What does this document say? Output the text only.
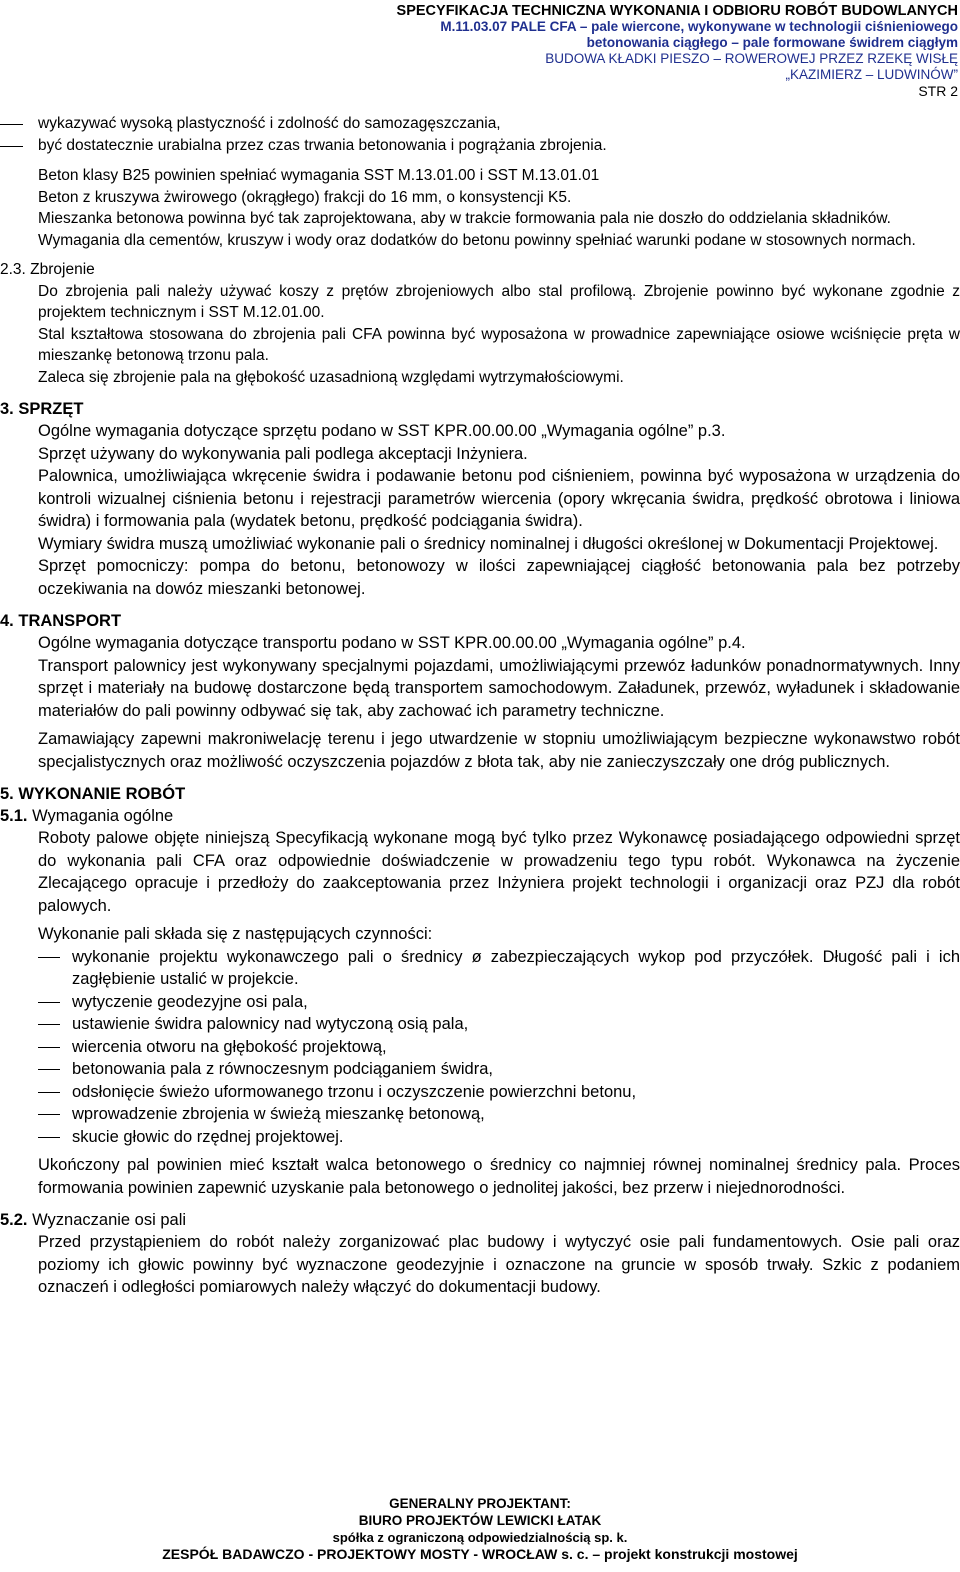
SPECYFIKACJA TECHNICZNA WYKONANIA I ODBIORU ROBÓT BUDOWLANYCH
M.11.03.07 PALE CFA – pale wiercone, wykonywane w technologii ciśnieniowego
betonowania ciągłego – pale formowane świdrem ciągłym
BUDOWA KŁADKI PIESZO – ROWEROWEJ PRZEZ RZEKĘ WISŁĘ
„KAZIMIERZ – LUDWINÓW”
STR 2

wykazywać wysoką plastyczność i zdolność do samozagęszczania,

być dostatecznie urabialna przez czas trwania betonowania i pogrążania zbrojenia.

Beton klasy B25 powinien spełniać wymagania SST M.13.01.00 i SST M.13.01.01

Beton z kruszywa żwirowego (okrągłego) frakcji do 16 mm, o konsystencji K5.

Mieszanka betonowa powinna być tak zaprojektowana, aby w trakcie formowania pala nie doszło do oddzielania składników.

Wymagania dla cementów, kruszyw i wody oraz dodatków do betonu powinny spełniać warunki podane w stosownych normach.

2.3. Zbrojenie

Do zbrojenia pali należy używać koszy z prętów zbrojeniowych albo stal profilową. Zbrojenie powinno być wykonane zgodnie z projektem technicznym i SST M.12.01.00.

Stal kształtowa stosowana do zbrojenia pali CFA powinna być wyposażona w prowadnice zapewniające osiowe wciśnięcie pręta w mieszankę betonową trzonu pala.

Zaleca się zbrojenie pala na głębokość uzasadnioną względami wytrzymałościowymi.

3. SPRZĘT

Ogólne wymagania dotyczące sprzętu podano w SST KPR.00.00.00 „Wymagania ogólne” p.3.

Sprzęt używany do wykonywania pali podlega akceptacji Inżyniera.

Palownica, umożliwiająca wkręcenie świdra i podawanie betonu pod ciśnieniem, powinna być wyposażona w urządzenia do kontroli wizualnej ciśnienia betonu i rejestracji parametrów wiercenia (opory wkręcania świdra, prędkość obrotowa i liniowa świdra) i formowania pala (wydatek betonu, prędkość podciągania świdra).

Wymiary świdra muszą umożliwiać wykonanie pali o średnicy nominalnej i długości określonej w Dokumentacji Projektowej.

Sprzęt pomocniczy: pompa do betonu, betonowozy w ilości zapewniającej ciągłość betonowania pala bez potrzeby oczekiwania na dowóz mieszanki betonowej.

4. TRANSPORT

Ogólne wymagania dotyczące transportu podano w SST KPR.00.00.00 „Wymagania ogólne” p.4.

Transport palownicy jest wykonywany specjalnymi pojazdami, umożliwiającymi przewóz ładunków ponadnormatywnych. Inny sprzęt i materiały na budowę dostarczone będą transportem samochodowym. Załadunek, przewóz, wyładunek i składowanie materiałów do pali powinny odbywać się tak, aby zachować ich parametry techniczne.

Zamawiający zapewni makroniwelację terenu i jego utwardzenie w stopniu umożliwiającym bezpieczne wykonawstwo robót specjalistycznych oraz możliwość oczyszczenia pojazdów z błota tak, aby nie zanieczyszczały one dróg publicznych.

5. WYKONANIE ROBÓT

5.1. Wymagania ogólne

Roboty palowe objęte niniejszą Specyfikacją wykonane mogą być tylko przez Wykonawcę posiadającego odpowiedni sprzęt do wykonania pali CFA oraz odpowiednie doświadczenie w prowadzeniu tego typu robót. Wykonawca na życzenie Zlecającego opracuje i przedłoży do zaakceptowania przez Inżyniera projekt technologii i organizacji oraz PZJ dla robót palowych.

Wykonanie pali składa się z następujących czynności:

wykonanie projektu wykonawczego pali o średnicy ø zabezpieczających wykop pod przyczółek. Długość pali i ich zagłębienie ustalić w projekcie.

wytyczenie geodezyjne osi pala,

ustawienie świdra palownicy nad wytyczoną osią pala,

wiercenia otworu na głębokość projektową,

betonowania pala z równoczesnym podciąganiem świdra,

odsłonięcie świeżo uformowanego trzonu i oczyszczenie powierzchni betonu,

wprowadzenie zbrojenia w świeżą mieszankę betonową,

skucie głowic do rzędnej projektowej.

Ukończony pal powinien mieć kształt walca betonowego o średnicy co najmniej równej nominalnej średnicy pala. Proces formowania powinien zapewnić uzyskanie pala betonowego o jednolitej jakości, bez przerw i niejednorodności.

5.2. Wyznaczanie osi pali

Przed przystąpieniem do robót należy zorganizować plac budowy i wytyczyć osie pali fundamentowych. Osie pali oraz poziomy ich głowic powinny być wyznaczone geodezyjnie i oznaczone na gruncie w sposób trwały. Szkic z podaniem oznaczeń i odległości pomiarowych należy włączyć do dokumentacji budowy.

GENERALNY PROJEKTANT:
BIURO PROJEKTÓW LEWICKI ŁATAK
spółka z ograniczoną odpowiedzialnością sp. k.
ZESPÓŁ BADAWCZO - PROJEKTOWY MOSTY - WROCŁAW s. c. – projekt konstrukcji mostowej
